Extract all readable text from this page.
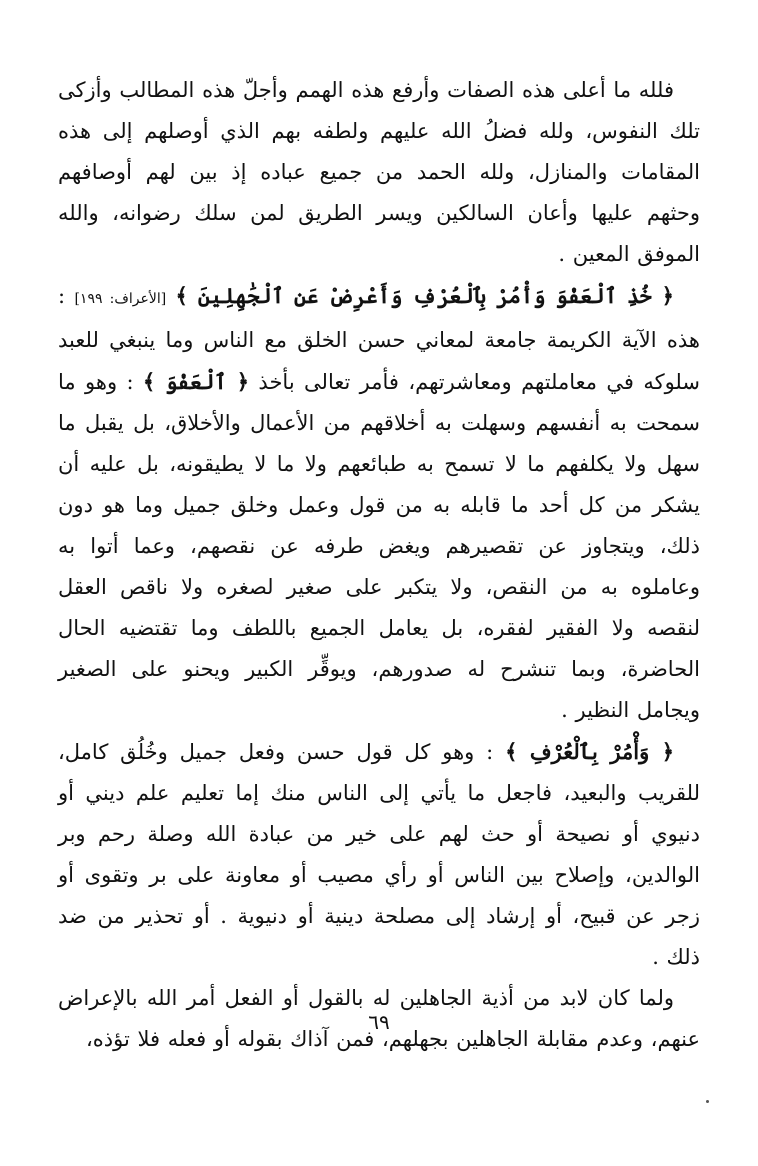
فلله ما أعلى هذه الصفات وأرفع هذه الهمم وأجلّ هذه المطالب وأزكى تلك النفوس، ولله فضلُ الله عليهم ولطفه بهم الذي أوصلهم إلى هذه المقامات والمنازل، ولله الحمد من جميع عباده إذ بين لهم أوصافهم وحثهم عليها وأعان السالكين ويسر الطريق لمن سلك رضوانه، والله الموفق المعين .

﴿ خُذِ ٱلْعَفْوَ وَأْمُرْ بِٱلْعُرْفِ وَأَعْرِضْ عَنِ ٱلْجَٰهِلِينَ ﴾ [الأعراف: ١٩٩] : هذه الآية الكريمة جامعة لمعاني حسن الخلق مع الناس وما ينبغي للعبد سلوكه في معاملتهم ومعاشرتهم، فأمر تعالى بأخذ ﴿ ٱلْعَفْوَ ﴾ : وهو ما سمحت به أنفسهم وسهلت به أخلاقهم من الأعمال والأخلاق، بل يقبل ما سهل ولا يكلفهم ما لا تسمح به طبائعهم ولا ما لا يطيقونه، بل عليه أن يشكر من كل أحد ما قابله به من قول وعمل وخلق جميل وما هو دون ذلك، ويتجاوز عن تقصيرهم ويغض طرفه عن نقصهم، وعما أتوا به وعاملوه به من النقص، ولا يتكبر على صغير لصغره ولا ناقص العقل لنقصه ولا الفقير لفقره، بل يعامل الجميع باللطف وما تقتضيه الحال الحاضرة، وبما تنشرح له صدورهم، ويوقِّر الكبير ويحنو على الصغير ويجامل النظير .

﴿ وَأْمُرْ بِٱلْعُرْفِ ﴾ : وهو كل قول حسن وفعل جميل وخُلُق كامل، للقريب والبعيد، فاجعل ما يأتي إلى الناس منك إما تعليم علم ديني أو دنيوي أو نصيحة أو حث لهم على خير من عبادة الله وصلة رحم وبر الوالدين، وإصلاح بين الناس أو رأي مصيب أو معاونة على بر وتقوى أو زجر عن قبيح، أو إرشاد إلى مصلحة دينية أو دنيوية . أو تحذير من ضد ذلك .

ولما كان لابد من أذية الجاهلين له بالقول أو الفعل أمر الله بالإعراض عنهم، وعدم مقابلة الجاهلين بجهلهم، فمن آذاك بقوله أو فعله فلا تؤذه،

٦٩
